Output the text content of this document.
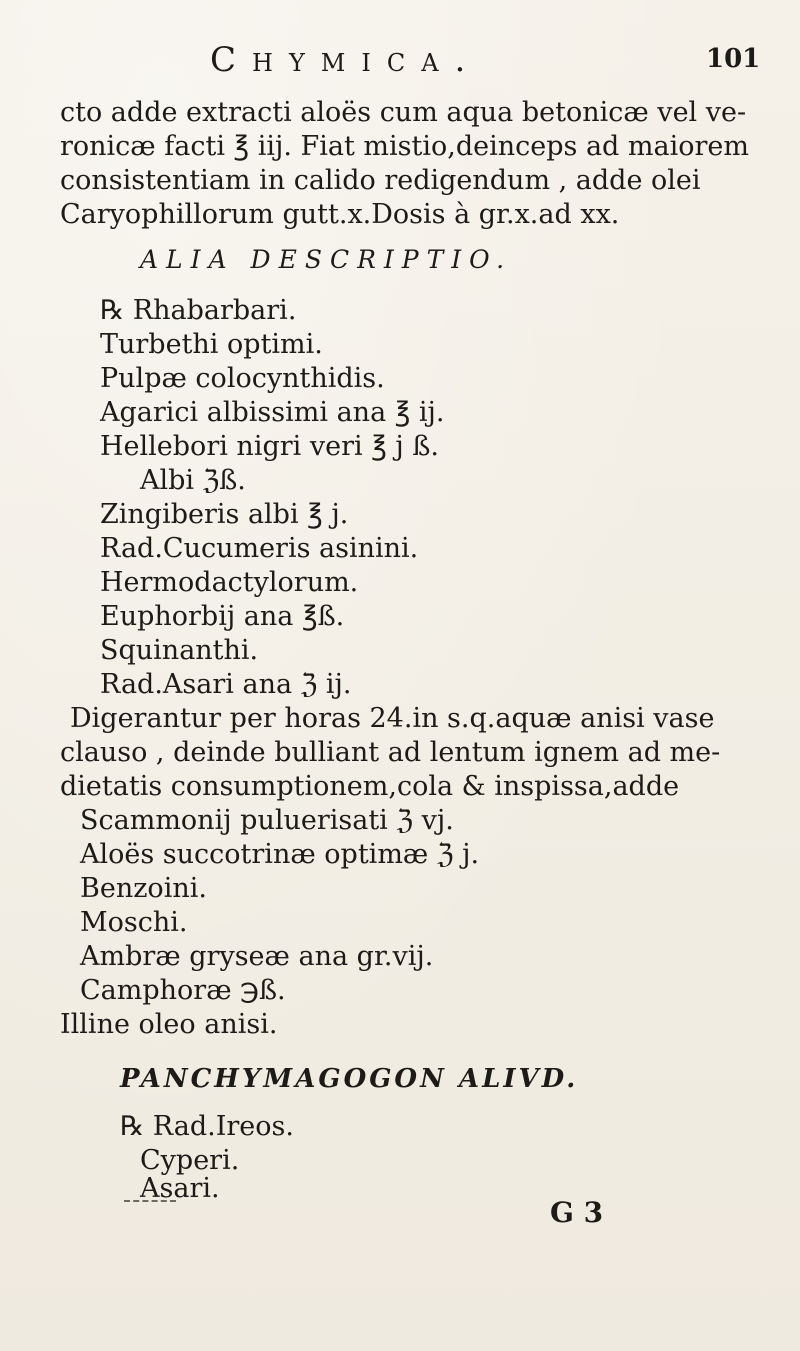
Chymica.	101
cto adde extracti aloës cum aqua betonicæ vel ve-
ronicæ facti ℥ iij. Fiat mistio,deinceps ad maiorem
consistentiam in calido redigendum , adde olei
Caryophillorum gutt.x.Dosis à gr.x.ad xx.
ALIA DESCRIPTIO.
℞ Rhabarbari.
Turbethi optimi.
Pulpæ colocynthidis.
Agarici albissimi ana ℥ ij.
Hellebori nigri veri ℥ j ß.
Albi ℨß.
Zingiberis albi ℥ j.
Rad.Cucumeris asinini.
Hermodactylorum.
Euphorbij ana ℥ß.
Squinanthi.
Rad.Asari ana ℨ ij.
Digerantur per horas 24.in s.q.aquæ anisi vase
clauso , deinde bulliant ad lentum ignem ad me-
dietatis consumptionem,cola & inspissa,adde
Scammonij puluerisati ℨ vj.
Aloës succotrinæ optimæ ℨ j.
Benzoini.
Moschi.
Ambræ gryseæ ana gr.vij.
Camphoræ ℈ß.
Illine oleo anisi.
PANCHYMAGOGON ALIVD.
℞ Rad.Ireos.
Cyperi.
Asari.
G 3
